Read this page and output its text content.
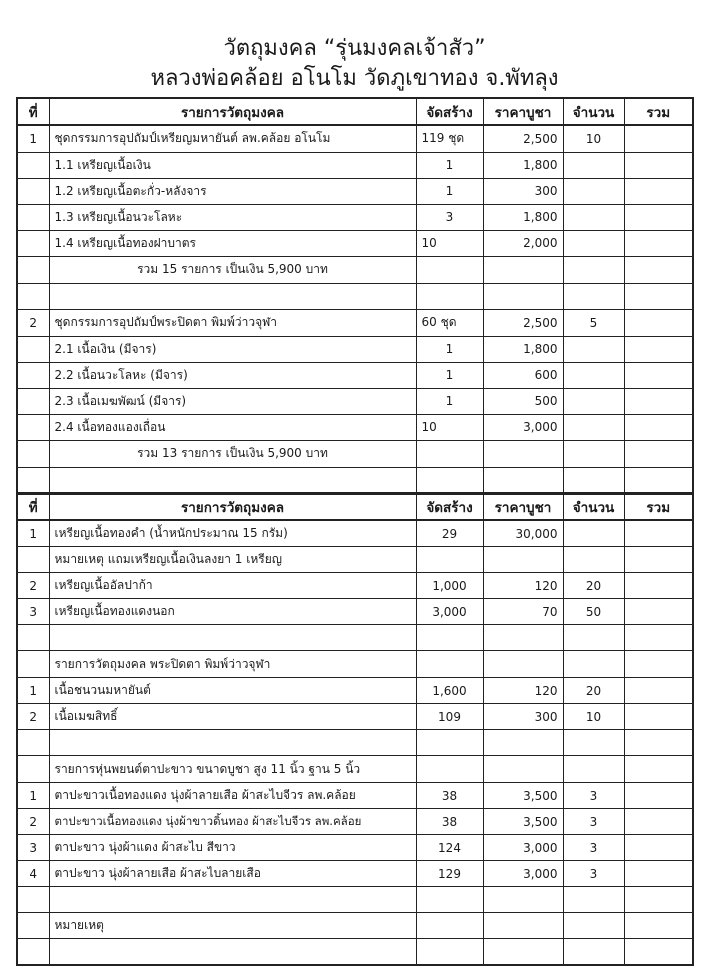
วัตถุมงคล “รุ่นมงคลเจ้าสัว”
หลวงพ่อคล้อย อโนโม วัดภูเขาทอง จ.พัทลุง
ที่	รายการวัตถุมงคล	จัดสร้าง	ราคาบูชา	จำนวน	รวม
1	ชุดกรรมการอุปถัมป์เหรียญมหายันต์ ลพ.คล้อย อโนโม	119 ชุด	2,500	10	
	1.1 เหรียญเนื้อเงิน	1	1,800		
	1.2 เหรียญเนื้อตะกั่ว-หลังจาร	1	300		
	1.3 เหรียญเนื้อนวะโลหะ	3	1,800		
	1.4 เหรียญเนื้อทองฝาบาตร	10	2,000		
	รวม 15 รายการ เป็นเงิน 5,900 บาท				

2	ชุดกรรมการอุปถัมป์พระปิดตา พิมพ์ว่าวจุฬา	60 ชุด	2,500	5	
	2.1 เนื้อเงิน (มีจาร)	1	1,800		
	2.2 เนื้อนวะโลหะ (มีจาร)	1	600		
	2.3 เนื้อเมฆพัฒน์ (มีจาร)	1	500		
	2.4 เนื้อทองแองเถื่อน	10	3,000		
	รวม 13 รายการ เป็นเงิน 5,900 บาท				

ที่	รายการวัตถุมงคล	จัดสร้าง	ราคาบูชา	จำนวน	รวม
1	เหรียญเนื้อทองคำ (น้ำหนักประมาณ 15 กรัม)	29	30,000		
	หมายเหตุ แถมเหรียญเนื้อเงินลงยา 1 เหรียญ				
2	เหรียญเนื้ออัลปาก้า	1,000	120	20	
3	เหรียญเนื้อทองแดงนอก	3,000	70	50	

	รายการวัตถุมงคล พระปิดตา พิมพ์ว่าวจุฬา				
1	เนื้อชนวนมหายันต์	1,600	120	20	
2	เนื้อเมฆสิทธิ์	109	300	10	

	รายการหุ่นพยนต์ตาปะขาว ขนาดบูชา สูง 11 นิ้ว ฐาน 5 นิ้ว				
1	ตาปะขาวเนื้อทองแดง นุ่งผ้าลายเสือ ผ้าสะไบจีวร ลพ.คล้อย	38	3,500	3	
2	ตาปะขาวเนื้อทองแดง นุ่งผ้าขาวดิ้นทอง ผ้าสะไบจีวร ลพ.คล้อย	38	3,500	3	
3	ตาปะขาว นุ่งผ้าแดง ผ้าสะไบ สีขาว	124	3,000	3	
4	ตาปะขาว นุ่งผ้าลายเสือ ผ้าสะไบลายเสือ	129	3,000	3	

	หมายเหตุ				
